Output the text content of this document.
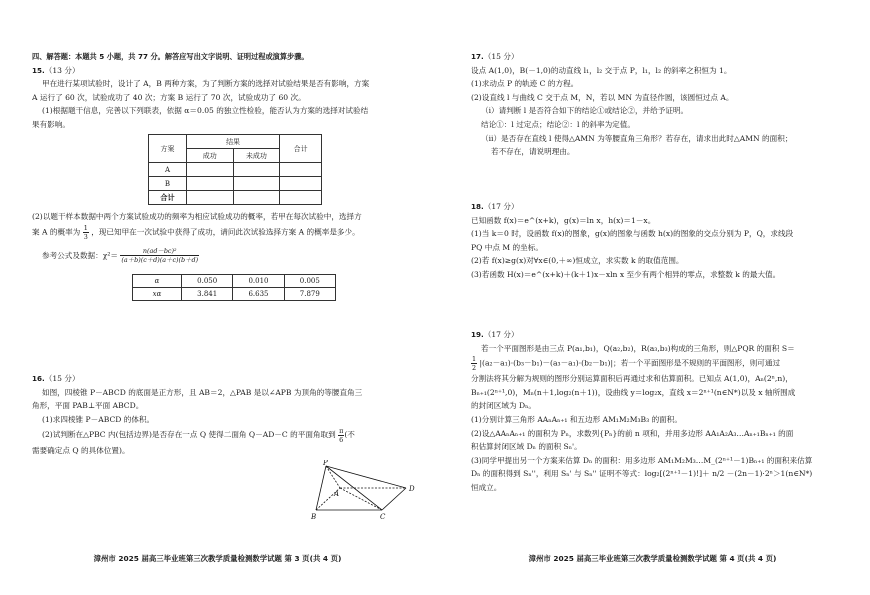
四、解答题：本题共 5 小题，共 77 分。解答应写出文字说明、证明过程或演算步骤。

15.（13 分）

甲在进行某项试验时，设计了 A，B 两种方案，为了判断方案的选择对试验结果是否有影响，方案

A 运行了 60 次，试验成功了 40 次；方案 B 运行了 70 次，试验成功了 60 次。

(1)根据题干信息，完善以下列联表，依据 α＝0.05 的独立性检验，能否认为方案的选择对试验结

果有影响。

方案	结果		合计
	成功	未成功	
A			
B			
合计			

(2)以题干样本数据中两个方案试验成功的频率为相应试验成功的概率，若甲在每次试验中，选择方

案 A 的概率为 $\frac{1}{3}$ ，现已知甲在一次试验中获得了成功，请问此次试验选择方案 A 的概率是多少。

参考公式及数据：$\chi^2= \frac{\text{n(ad－bc)²}}{(a+b)(c+d)(a+c)(b+d)}$

α	0.050	0.010	0.005
xα	3.841	6.635	7.879

16.（15 分）

如图，四棱锥 P－ABCD 的底面是正方形，且 AB＝2，△PAB 是以∠APB 为顶角的等腰直角三

角形，平面 PAB⊥平面 ABCD。

(1)求四棱锥 P－ABCD 的体积。

(2)试判断在△PBC 内(包括边界)是否存在一点 Q 使得二面角 Q－AD－C 的平面角取到 $\frac{\pi}{6}$ (不

需要确定点 Q 的具体位置)。

P
A
D
B	C
漳州市 2025 届高三毕业班第三次教学质量检测数学试题 第 3 页(共 4 页)

17.（15 分）

设点 A(1,0)，B(－1,0)的动直线 l₁，l₂ 交于点 P，l₁，l₂ 的斜率之积恒为 1。

(1)求动点 P 的轨迹 C 的方程。

(2)设直线 l 与曲线 C 交于点 M，N，若以 MN 为直径作圆，该圆恒过点 A。

（i）请判断 l 是否符合如下的结论①或结论②，并给予证明。

结论①：l 过定点；结论②：l 的斜率为定值。

（ii）是否存在直线 l 使得△AMN 为等腰直角三角形？若存在，请求出此时△AMN 的面积；

若不存在，请说明理由。

18.（17 分）

已知函数 f(x)＝e^(x+k)，g(x)＝ln x，h(x)＝1－x。

(1)当 k＝0 时，设函数 f(x)的图象，g(x)的图象与函数 h(x)的图象的交点分别为 P，Q，求线段

PQ 中点 M 的坐标。

(2)若 f(x)≥g(x)对∀x∈(0,＋∞)恒成立，求实数 k 的取值范围。

(3)若函数 H(x)＝e^(x+k)＋(k＋1)x－xln x 至少有两个相异的零点，求整数 k 的最大值。

19.（17 分）

若一个平面图形是由三点 P(a₁,b₁)，Q(a₂,b₂)，R(a₃,b₃)构成的三角形，则△PQR 的面积 S＝

$\frac{1}{2} |(a_2-a_1)\cdot(b_3-b_1)-(a_3-a_1)\cdot(b_2-b_1)|$；若一个平面图形是不规则的平面图形，则可通过

分割法将其分解为规则的图形分别运算面积后再通过求和估算面积。已知点 A(1,0)，Aₙ(2ⁿ,n)，

Bₙ₊₁(2ⁿ⁺¹,0)，Mₙ(n＋1,log₂(n＋1))，设曲线 y＝log₂x，直线 x＝2ⁿ⁺¹(n∈N*)以及 x 轴所围成

的封闭区域为 Dₙ。

(1)分别计算三角形 AAₙAₙ₊₁ 和五边形 AM₁M₂M₃B₃ 的面积。

(2)设△AAₙAₙ₊₁ 的面积为 Pₙ，求数列{Pₙ}的前 n 项和，并用多边形 AA₁A₂A₃…Aₙ₊₁Bₙ₊₁ 的面

积估算封闭区域 Dₙ 的面积 Sₙ'。

(3)同学甲提出另一个方案来估算 Dₙ 的面积：用多边形 AM₁M₂M₃…M_(2ⁿ⁺¹－1)Bₙ₊₁ 的面积来估算

Dₙ 的面积得到 Sₙ''，利用 Sₙ' 与 Sₙ'' 证明不等式：log₂[(2ⁿ⁺¹－1)!]＋ n/2 －(2n－1)·2ⁿ＞1(n∈N*)

恒成立。

漳州市 2025 届高三毕业班第三次教学质量检测数学试题 第 4 页(共 4 页)
